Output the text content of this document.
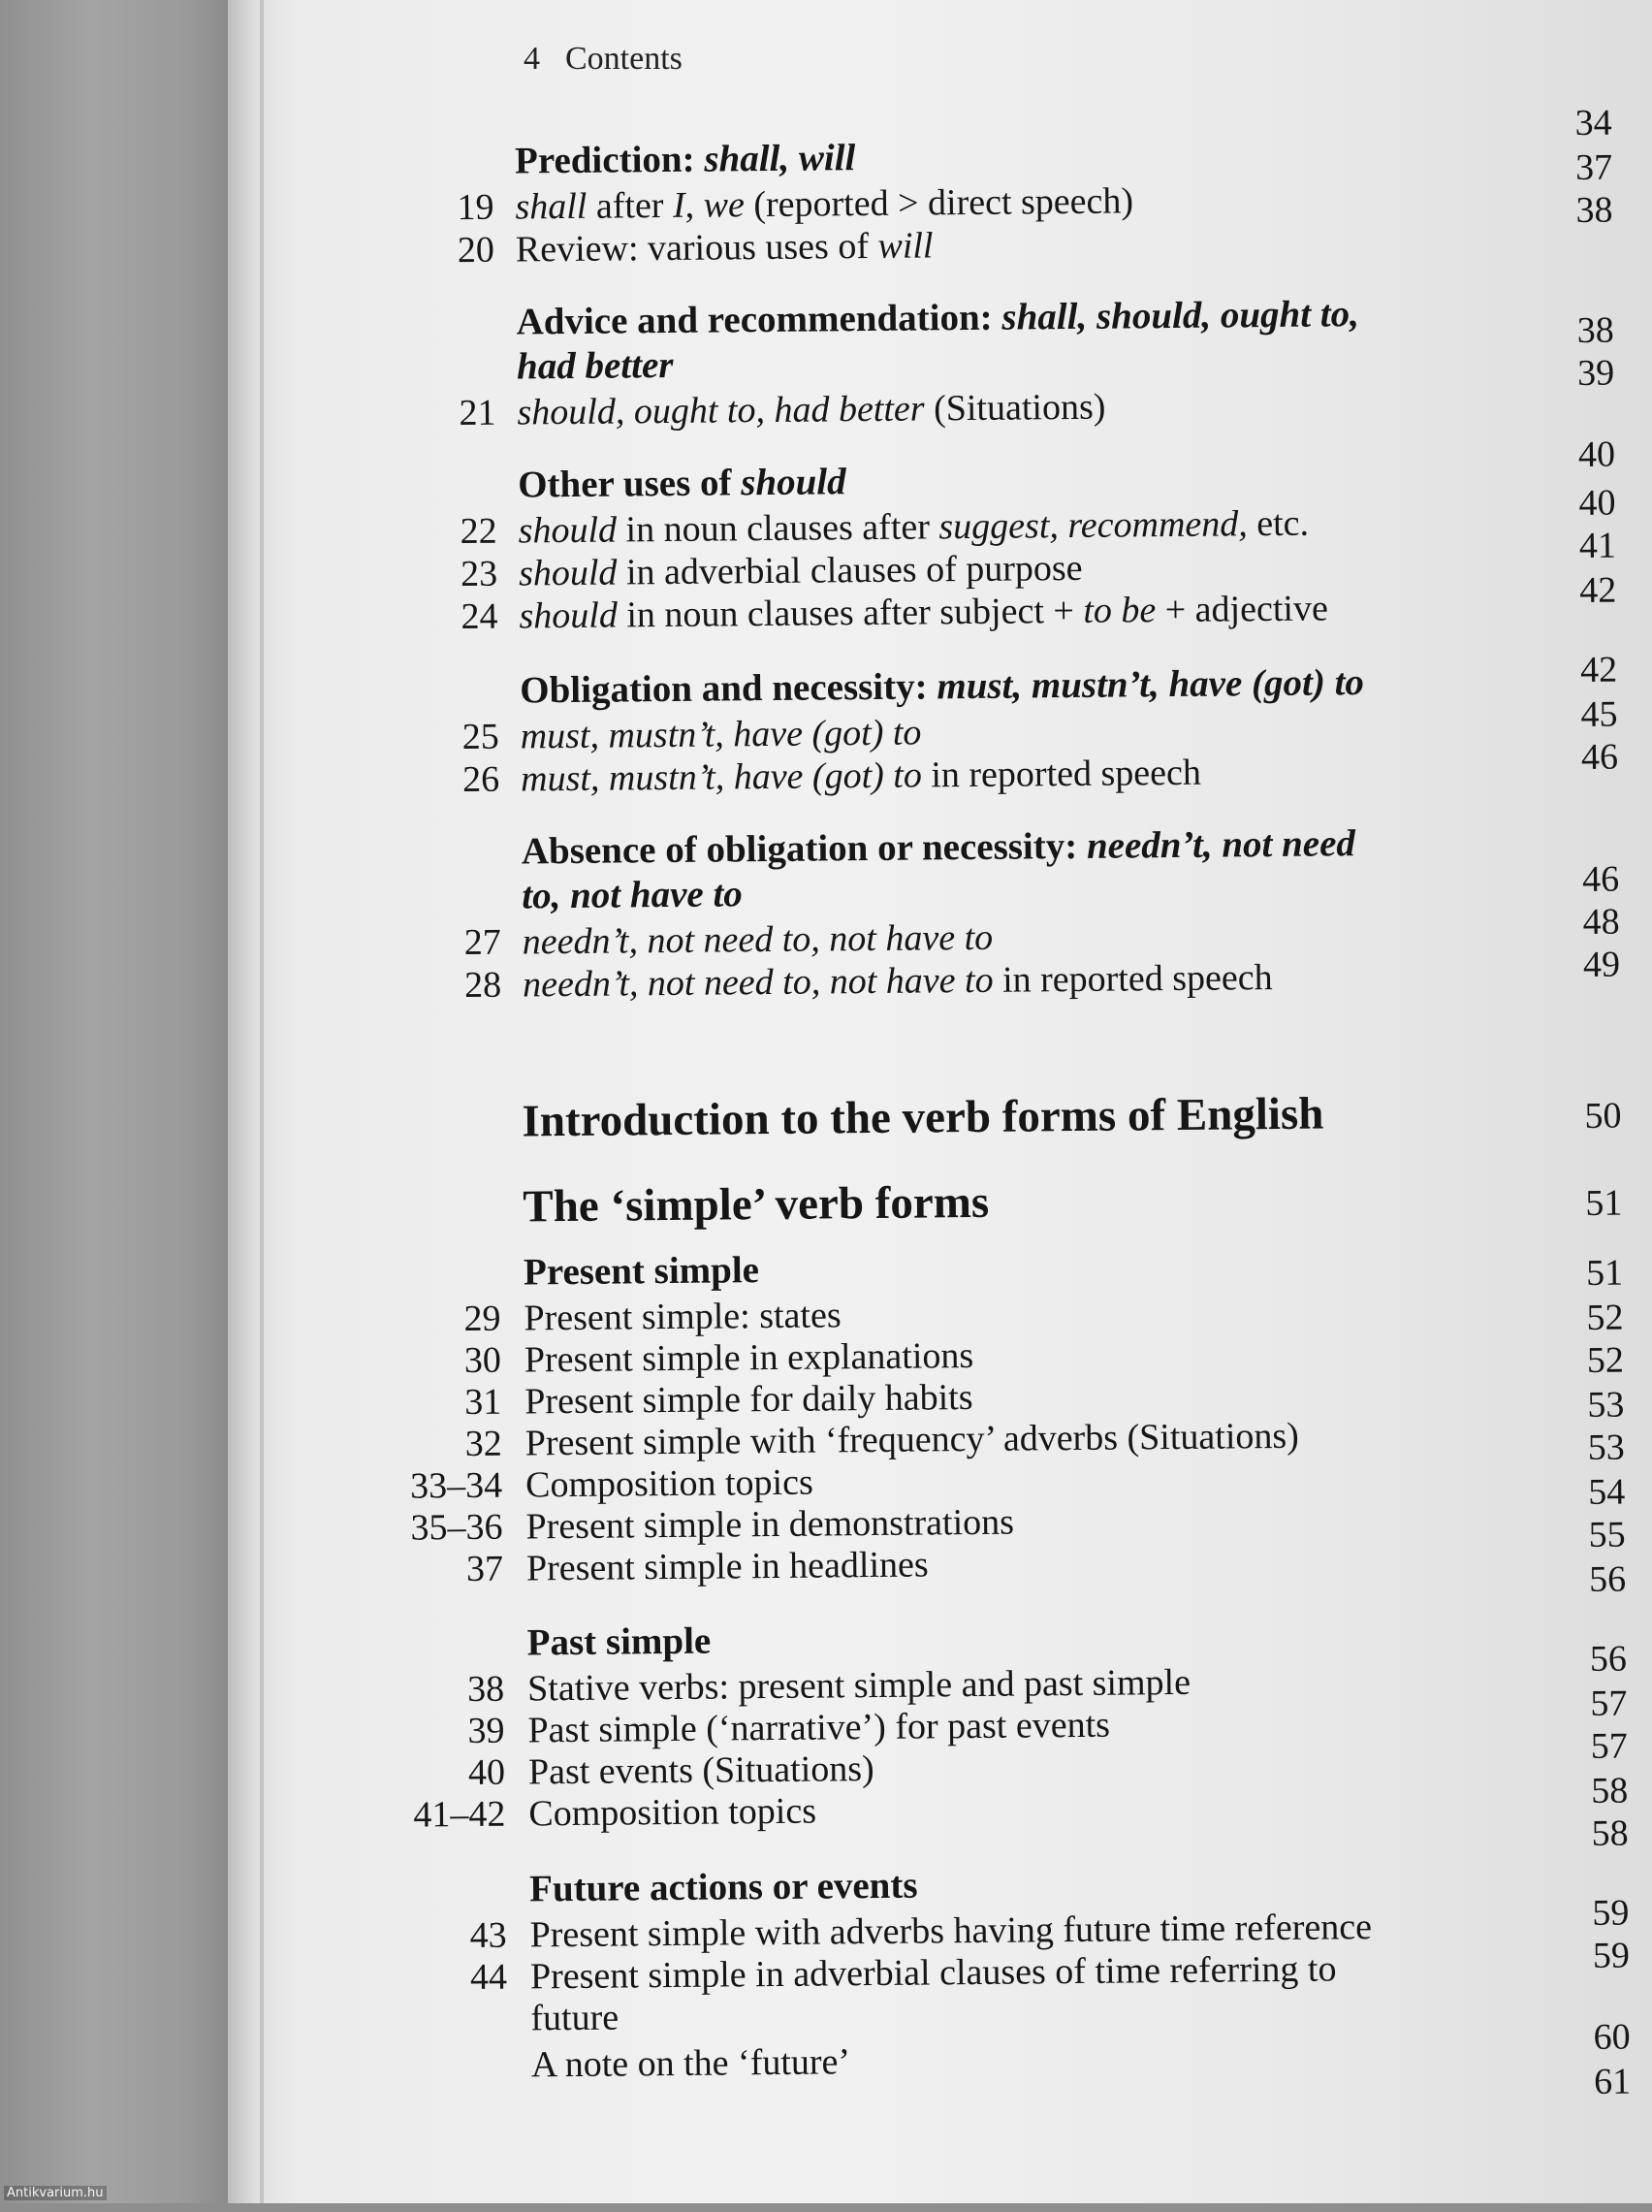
4 Contents
Prediction: shall, will
19 shall after I, we (reported > direct speech)
20 Review: various uses of will
Advice and recommendation: shall, should, ought to,
had better
21 should, ought to, had better (Situations)
Other uses of should
22 should in noun clauses after suggest, recommend, etc.
23 should in adverbial clauses of purpose
24 should in noun clauses after subject + to be + adjective
Obligation and necessity: must, mustn’t, have (got) to
25 must, mustn’t, have (got) to
26 must, mustn’t, have (got) to in reported speech
Absence of obligation or necessity: needn’t, not need
to, not have to
27 needn’t, not need to, not have to
28 needn’t, not need to, not have to in reported speech
Introduction to the verb forms of English
The ‘simple’ verb forms
Present simple
29 Present simple: states
30 Present simple in explanations
31 Present simple for daily habits
32 Present simple with ‘frequency’ adverbs (Situations)
33–34 Composition topics
35–36 Present simple in demonstrations
37 Present simple in headlines
Past simple
38 Stative verbs: present simple and past simple
39 Past simple (‘narrative’) for past events
40 Past events (Situations)
41–42 Composition topics
Future actions or events
43 Present simple with adverbs having future time reference
44 Present simple in adverbial clauses of time referring to
future
A note on the ‘future’
34
37
38
38
39
40
40
41
42
42
45
46
46
48
49
50
51
51
52
52
53
53
54
55
56
56
57
57
58
58
59
59
60
61
Antikvarium.hu
